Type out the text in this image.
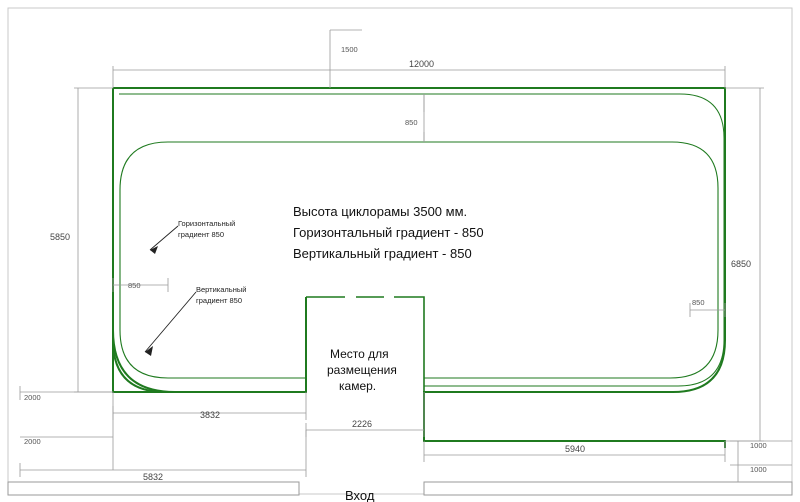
1500
12000
850
5850
850
6850
850
2000
2000
3832
2226
5940
5832
1000
1000
Горизонтальный
градиент 850
Вертикальный
градиент 850
Высота циклорамы 3500 мм.
Горизонтальный градиент - 850
Вертикальный градиент - 850
Место для
размещения
камер.
Вход
